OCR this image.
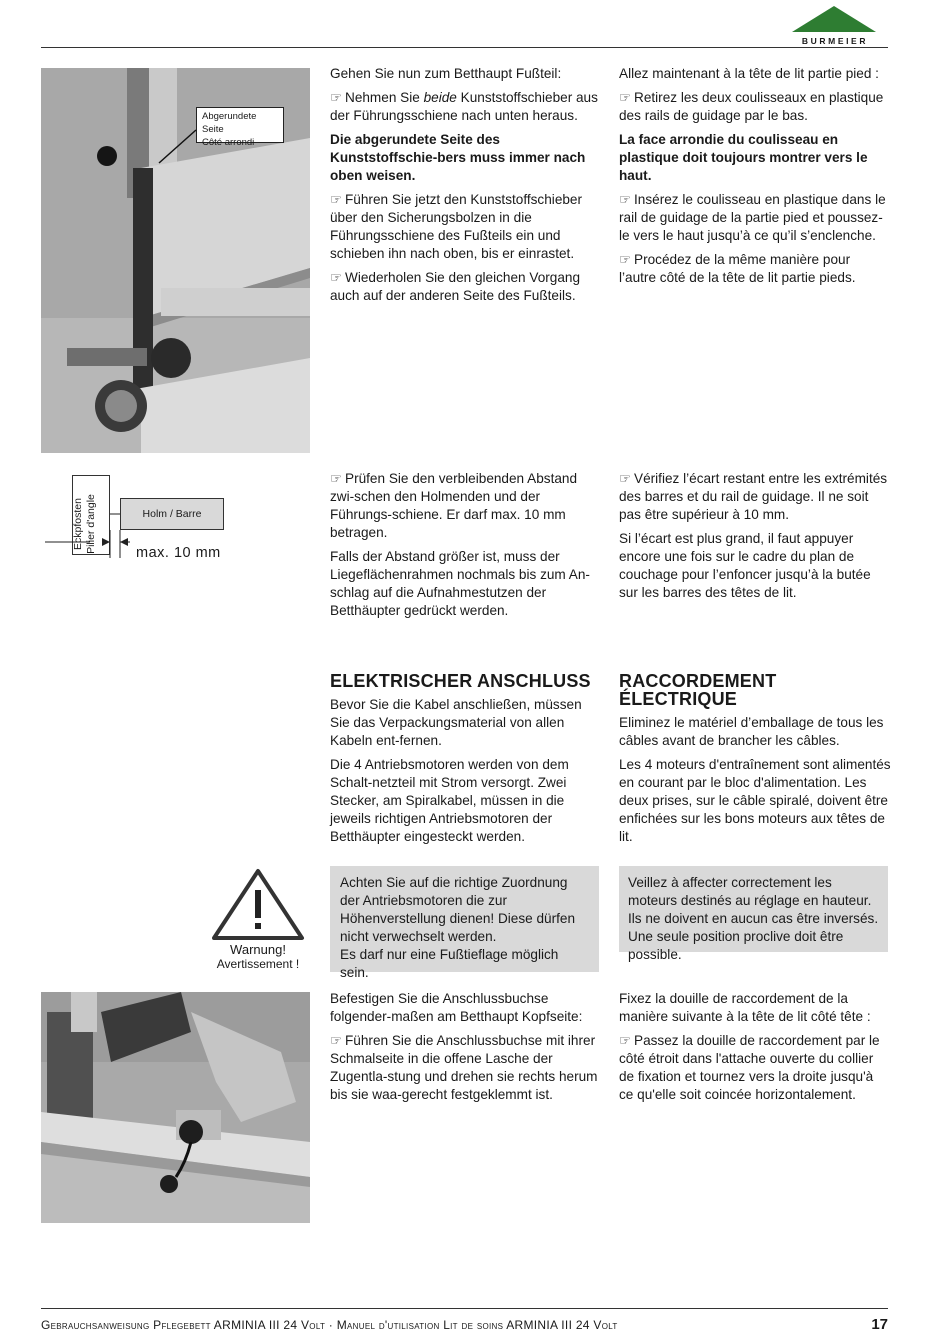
BURMEIER
Abgerundete Seite
Côté arrondi

Gehen Sie nun zum Betthaupt Fußteil:

☞ Nehmen Sie beide Kunststoffschieber aus der Führungsschiene nach unten heraus.

Die abgerundete Seite des Kunststoffschie-bers muss immer nach oben weisen.

☞ Führen Sie jetzt den Kunststoffschieber über den Sicherungsbolzen in die Führungsschiene des Fußteils ein und schieben ihn nach oben, bis er einrastet.

☞ Wiederholen Sie den gleichen Vorgang auch auf der anderen Seite des Fußteils.

Allez maintenant à la tête de lit partie pied :

☞ Retirez les deux coulisseaux en plastique des rails de guidage par le bas.

La face arrondie du coulisseau en plastique doit toujours montrer vers le haut.

☞ Insérez le coulisseau en plastique dans le rail de guidage de la partie pied et poussez-le vers le haut jusqu’à ce qu’il s’enclenche.

☞ Procédez de la même manière pour l’autre côté de la tête de lit partie pieds.

Eckpfosten Pilier d'angle	Holm / Barre
max. 10 mm

☞ Prüfen Sie den verbleibenden Abstand zwi-schen den Holmenden und der Führungs-schiene. Er darf max. 10 mm betragen.

Falls der Abstand größer ist, muss der Liegeflächenrahmen nochmals bis zum An-schlag auf die Aufnahmestutzen der Betthäupter gedrückt werden.

☞ Vérifiez l’écart restant entre les extrémités des barres et du rail de guidage. Il ne soit pas être supérieur à 10 mm.

Si l’écart est plus grand, il faut appuyer encore une fois sur le cadre du plan de couchage pour l’enfoncer jusqu’à la butée sur les barres des têtes de lit.

ELEKTRISCHER ANSCHLUSS

Bevor Sie die Kabel anschließen, müssen Sie das Verpackungsmaterial von allen Kabeln ent-fernen.

Die 4 Antriebsmotoren werden von dem Schalt-netzteil mit Strom versorgt. Zwei Stecker, am Spiralkabel, müssen in die jeweils richtigen Antriebsmotoren der Betthäupter eingesteckt werden.

RACCORDEMENT ÉLECTRIQUE

Eliminez le matériel d’emballage de tous les câbles avant de brancher les câbles.

Les 4 moteurs d'entraînement sont alimentés en courant par le bloc d'alimentation. Les deux prises, sur le câble spiralé, doivent être enfichées sur les bons moteurs aux têtes de lit.

Warnung!
Avertissement !
Achten Sie auf die richtige Zuordnung der Antriebsmotoren die zur Höhenverstellung dienen! Diese dürfen nicht verwechselt werden.
Es darf nur eine Fußtieflage möglich sein.
Veillez à affecter correctement les moteurs destinés au réglage en hauteur. Ils ne doivent en aucun cas être inversés.
Une seule position proclive doit être possible.

Befestigen Sie die Anschlussbuchse folgender-maßen am Betthaupt Kopfseite:

☞ Führen Sie die Anschlussbuchse mit ihrer Schmalseite in die offene Lasche der Zugentla-stung und drehen sie rechts herum bis sie waa-gerecht festgeklemmt ist.

Fixez la douille de raccordement de la manière suivante à la tête de lit côté tête :

☞ Passez la douille de raccordement par le côté étroit dans l'attache ouverte du collier de fixation et tournez vers la droite jusqu'à ce qu'elle soit coincée horizontalement.

Gebrauchsanweisung Pflegebett ARMINIA III 24 Volt · Manuel d'utilisation Lit de soins ARMINIA III 24 Volt	17
